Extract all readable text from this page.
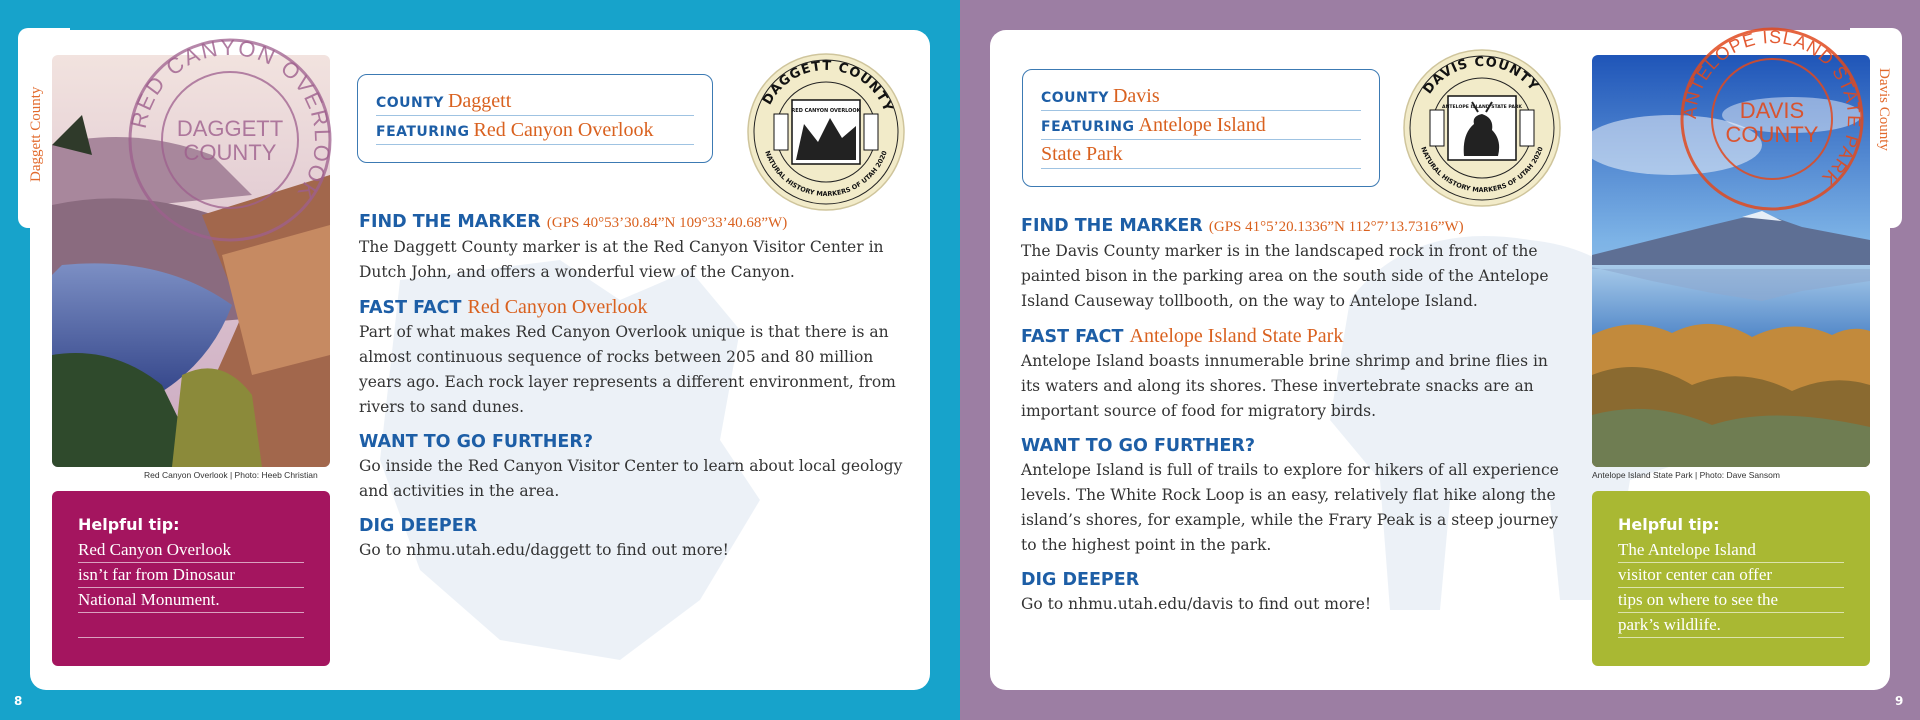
Daggett County	Davis County
RED CANYON OVERLOOK
DAGGETT
COUNTY
Red Canyon Overlook | Photo: Heeb Christian
Helpful tip:
Red Canyon Overlook
isn’t far from Dinosaur
National Monument.
COUNTY Daggett
FEATURING Red Canyon Overlook
DAGGETT COUNTY
NATURAL HISTORY MARKERS OF UTAH 2020
RED CANYON OVERLOOK
FIND THE MARKER (GPS 40°53’30.84”N 109°33’40.68”W)
The Daggett County marker is at the Red Canyon Visitor Center in
Dutch John, and offers a wonderful view of the Canyon.
FAST FACT Red Canyon Overlook
Part of what makes Red Canyon Overlook unique is that there is an
almost continuous sequence of rocks between 205 and 80 million
years ago. Each rock layer represents a different environment, from
rivers to sand dunes.
WANT TO GO FURTHER?
Go inside the Red Canyon Visitor Center to learn about local geology
and activities in the area.
DIG DEEPER
Go to nhmu.utah.edu/daggett to find out more!
COUNTY Davis
FEATURING Antelope Island
State Park
DAVIS COUNTY
NATURAL HISTORY MARKERS OF UTAH 2020
ANTELOPE ISLAND STATE PARK
FIND THE MARKER (GPS 41°5’20.1336”N 112°7’13.7316”W)
The Davis County marker is in the landscaped rock in front of the
painted bison in the parking area on the south side of the Antelope
Island Causeway tollbooth, on the way to Antelope Island.
FAST FACT Antelope Island State Park
Antelope Island boasts innumerable brine shrimp and brine flies in
its waters and along its shores. These invertebrate snacks are an
important source of food for migratory birds.
WANT TO GO FURTHER?
Antelope Island is full of trails to explore for hikers of all experience
levels. The White Rock Loop is an easy, relatively flat hike along the
island’s shores, for example, while the Frary Peak is a steep journey
to the highest point in the park.
DIG DEEPER
Go to nhmu.utah.edu/davis to find out more!
ANTELOPE ISLAND STATE PARK
DAVIS
COUNTY
Antelope Island State Park | Photo: Dave Sansom
Helpful tip:
The Antelope Island
visitor center can offer
tips on where to see the
park’s wildlife.
8	9
